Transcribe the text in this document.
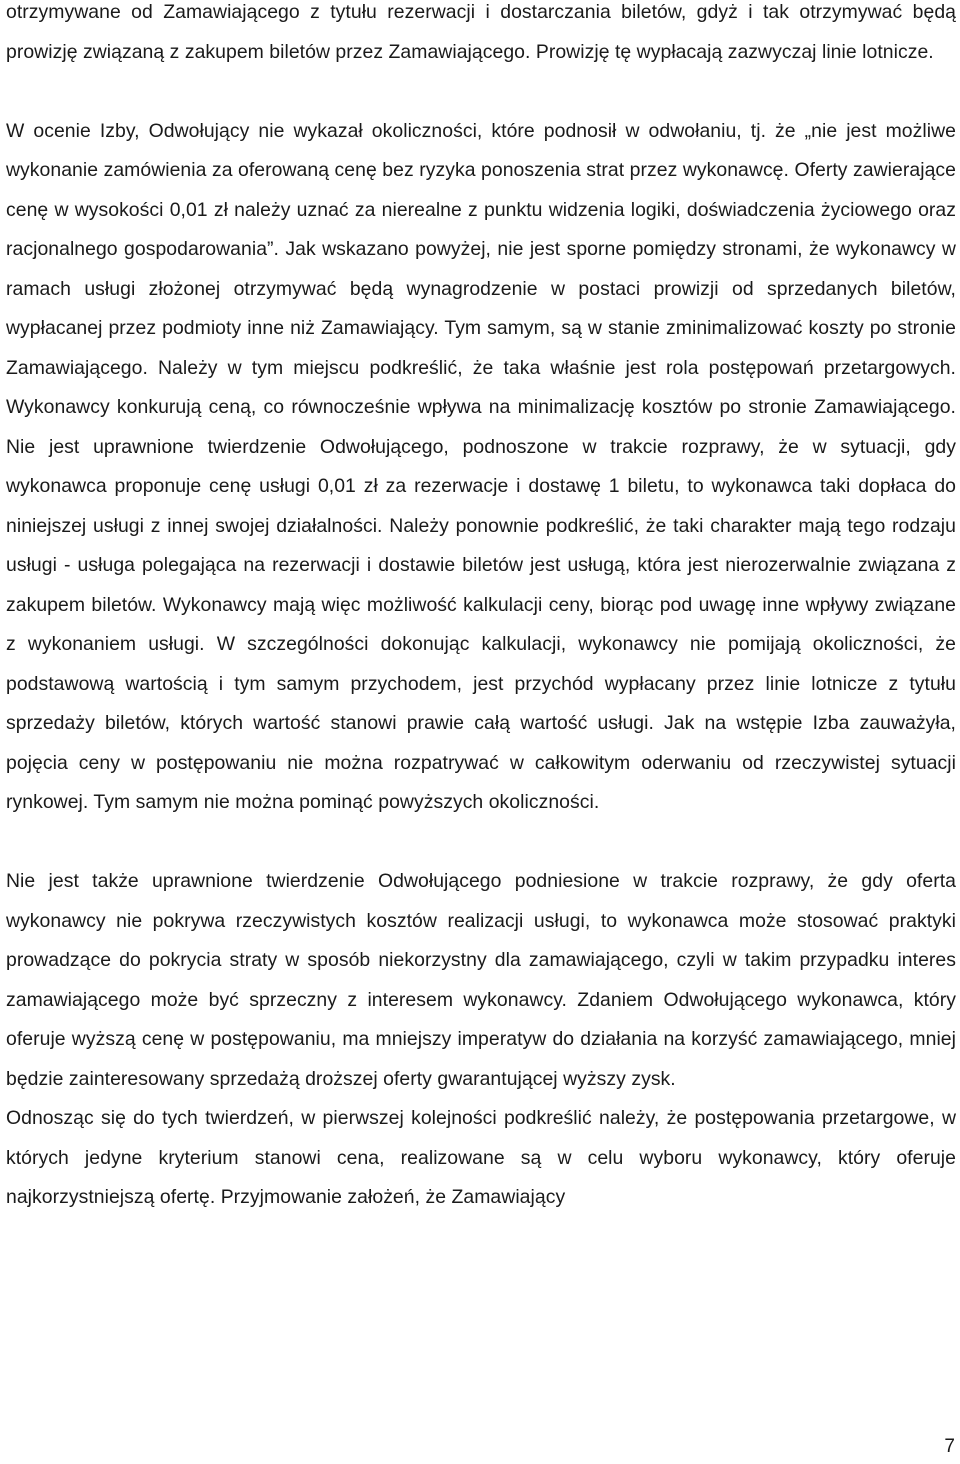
otrzymywane od Zamawiającego z tytułu rezerwacji i dostarczania biletów, gdyż i tak otrzymywać będą prowizję związaną z zakupem biletów przez Zamawiającego. Prowizję tę wypłacają zazwyczaj linie lotnicze.

W ocenie Izby, Odwołujący nie wykazał okoliczności, które podnosił w odwołaniu, tj. że „nie jest możliwe wykonanie zamówienia za oferowaną cenę bez ryzyka ponoszenia strat przez wykonawcę. Oferty zawierające cenę w wysokości 0,01 zł należy uznać za nierealne z punktu widzenia logiki, doświadczenia życiowego oraz racjonalnego gospodarowania”. Jak wskazano powyżej, nie jest sporne pomiędzy stronami, że wykonawcy w ramach usługi złożonej otrzymywać będą wynagrodzenie w postaci prowizji od sprzedanych biletów, wypłacanej przez podmioty inne niż Zamawiający. Tym samym, są w stanie zminimalizować koszty po stronie Zamawiającego. Należy w tym miejscu podkreślić, że taka właśnie jest rola postępowań przetargowych. Wykonawcy konkurują ceną, co równocześnie wpływa na minimalizację kosztów po stronie Zamawiającego. Nie jest uprawnione twierdzenie Odwołującego, podnoszone w trakcie rozprawy, że w sytuacji, gdy wykonawca proponuje cenę usługi 0,01 zł za rezerwacje i dostawę 1 biletu, to wykonawca taki dopłaca do niniejszej usługi z innej swojej działalności. Należy ponownie podkreślić, że taki charakter mają tego rodzaju usługi - usługa polegająca na rezerwacji i dostawie biletów jest usługą, która jest nierozerwalnie związana z zakupem biletów. Wykonawcy mają więc możliwość kalkulacji ceny, biorąc pod uwagę inne wpływy związane z wykonaniem usługi. W szczególności dokonując kalkulacji, wykonawcy nie pomijają okoliczności, że podstawową wartością i tym samym przychodem, jest przychód wypłacany przez linie lotnicze z tytułu sprzedaży biletów, których wartość stanowi prawie całą wartość usługi. Jak na wstępie Izba zauważyła, pojęcia ceny w postępowaniu nie można rozpatrywać w całkowitym oderwaniu od rzeczywistej sytuacji rynkowej. Tym samym nie można pominąć powyższych okoliczności.

Nie jest także uprawnione twierdzenie Odwołującego podniesione w trakcie rozprawy, że gdy oferta wykonawcy nie pokrywa rzeczywistych kosztów realizacji usługi, to wykonawca może stosować praktyki prowadzące do pokrycia straty w sposób niekorzystny dla zamawiającego, czyli w takim przypadku interes zamawiającego może być sprzeczny z interesem wykonawcy. Zdaniem Odwołującego wykonawca, który oferuje wyższą cenę w postępowaniu, ma mniejszy imperatyw do działania na korzyść zamawiającego, mniej będzie zainteresowany sprzedażą droższej oferty gwarantującej wyższy zysk.

Odnosząc się do tych twierdzeń, w pierwszej kolejności podkreślić należy, że postępowania przetargowe, w których jedyne kryterium stanowi cena, realizowane są w celu wyboru wykonawcy, który oferuje najkorzystniejszą ofertę. Przyjmowanie założeń, że Zamawiający

7
